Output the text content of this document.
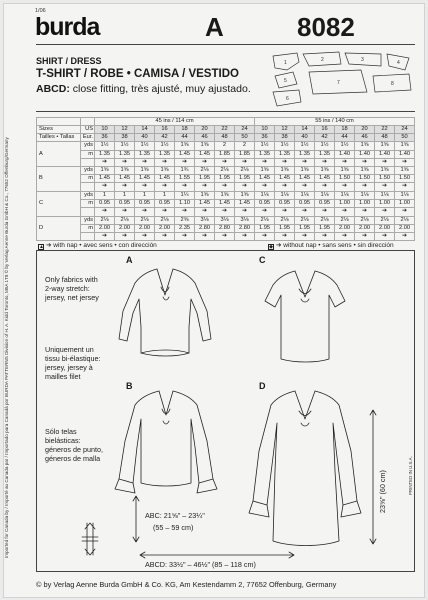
1/06
burda	A	8082
SHIRT / DRESS
T-SHIRT / ROBE • CAMISA / VESTIDO
ABCD: close fitting, très ajusté, muy ajustado.
1	2	3	4
5
6
7	8
		45 ins / 114 cm								55 ins / 140 cm							
Sizes	US	10	12	14	16	18	20	22	24	10	12	14	16	18	20	22	24
Tailles • Tallas	Eur.	36	38	40	42	44	46	48	50	36	38	40	42	44	46	48	50
A	yds	1½	1½	1½	1½	1⅝	1⅝	2	2	1½	1½	1½	1½	1½	1⅝	1⅝	1⅝
	m	1.35	1.35	1.35	1.35	1.45	1.45	1.85	1.85	1.35	1.35	1.35	1.35	1.40	1.40	1.40	1.40
		➔	➔	➔	➔	➔	➔	➔	➔	➔	➔	➔	➔	➔	➔	➔	➔
B	yds	1⅝	1⅝	1⅝	1⅝	1¾	2⅛	2⅛	2⅛	1⅝	1⅝	1⅝	1⅝	1⅝	1⅝	1⅝	1⅝
	m	1.45	1.45	1.45	1.45	1.55	1.95	1.95	1.95	1.45	1.45	1.45	1.45	1.50	1.50	1.50	1.50
		➔	➔	➔	➔	➔	➔	➔	➔	➔	➔	➔	➔	➔	➔	➔	➔
C	yds	1	1	1	1	1¼	1⅝	1⅝	1⅝	1⅛	1⅛	1⅛	1⅛	1⅛	1⅛	1⅛	1⅛
	m	0.95	0.95	0.95	0.95	1.10	1.45	1.45	1.45	0.95	0.95	0.95	0.95	1.00	1.00	1.00	1.00
		➔	➔	➔	➔	➔	➔	➔	➔	➔	➔	➔	➔	➔	➔	➔	➔
D	yds	2⅛	2⅛	2⅛	2⅛	2⅝	3⅛	3⅛	3⅛	2⅛	2⅛	2⅛	2⅛	2⅛	2⅛	2⅛	2⅛
	m	2.00	2.00	2.00	2.00	2.35	2.80	2.80	2.80	1.95	1.95	1.95	1.95	2.00	2.00	2.00	2.00
		➔	➔	➔	➔	➔	➔	➔	➔	➔	➔	➔	➔	➔	➔	➔	➔
▲ ➔ with nap • avec sens • con dirección	◆ ➔ without nap • sans sens • sin dirección
A	C
B	D
Only fabrics with 2-way stretch: jersey, net jersey
Uniquement un tissu bi-élastique: jersey, jersey à mailles filet
Sólo telas bielásticas: géneros de punto, géneros de malla
ABC: 21⅝" – 23¼"
(55 – 59 cm)
ABCD: 33½" – 46½" (85 – 118 cm)
23⅝" (60 cm)
Imported for Canada by / Importé au Canada par / Importado para Canadá por BURDA PATTERNS Division of H. A. Kidd Toronto, M5A 1T8 © by Verlag Aenne Burda GmbH & Co., 77652 Offenburg/Germany	PRINTED IN U.S.A.
© by Verlag Aenne Burda GmbH & Co. KG, Am Kestendamm 2, 77652 Offenburg, Germany
